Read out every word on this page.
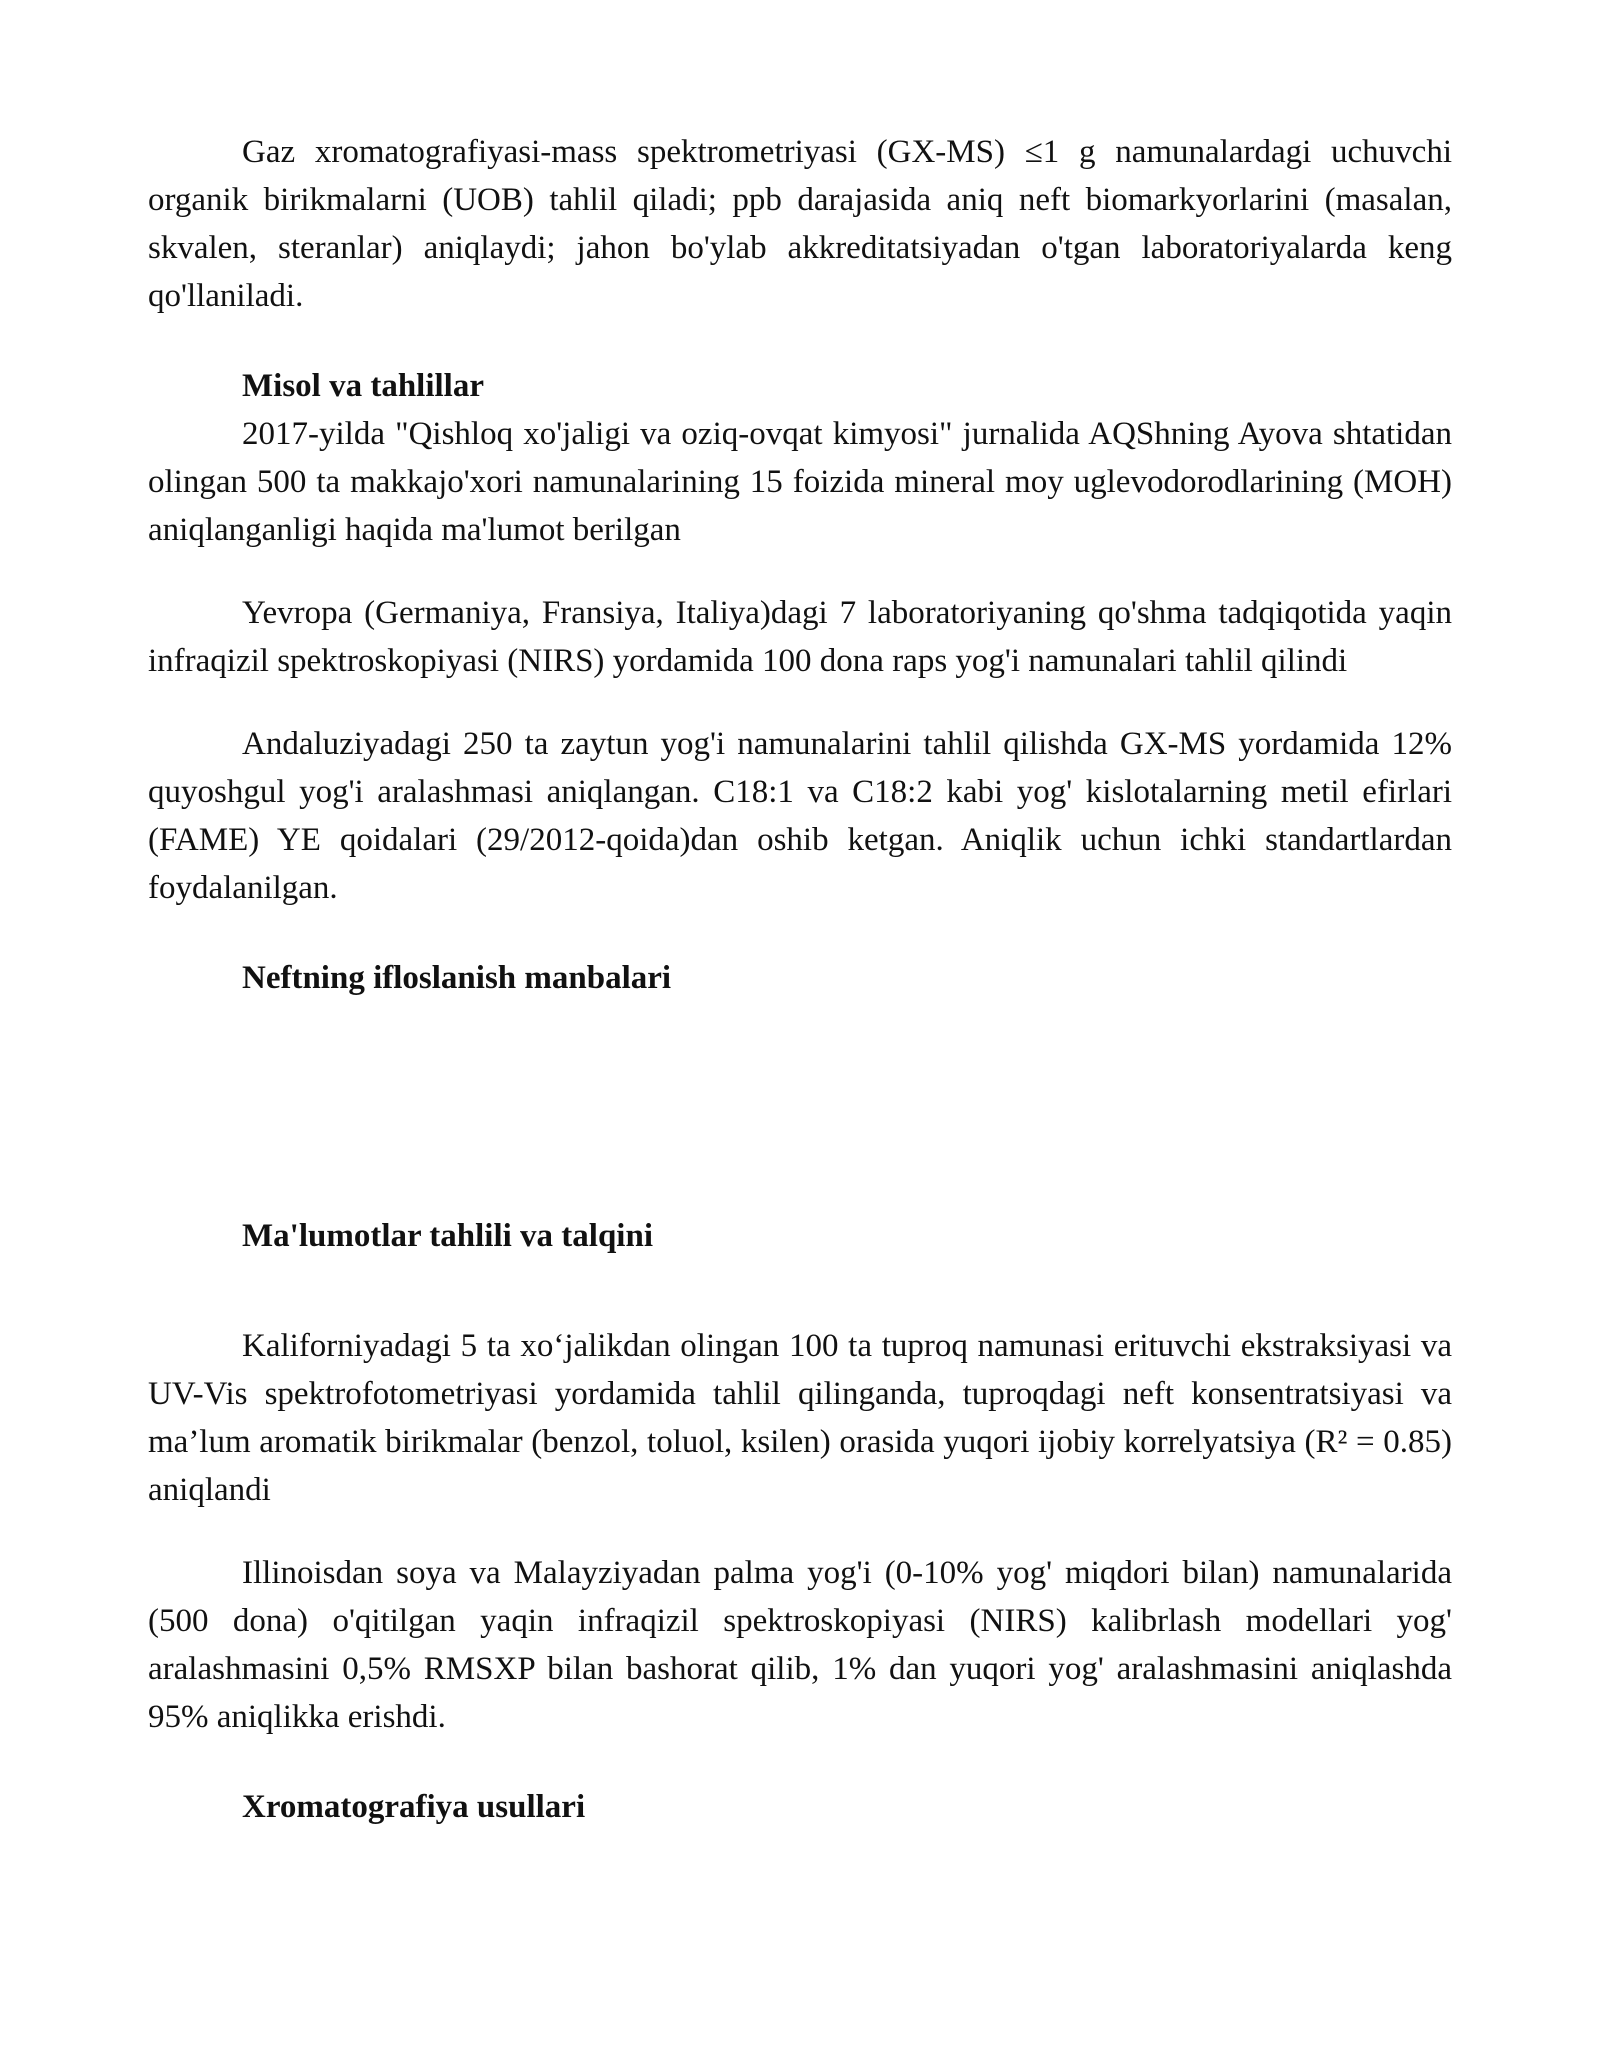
Gaz xromatografiyasi-mass spektrometriyasi (GX-MS) ≤1 g namunalardagi uchuvchi organik birikmalarni (UOB) tahlil qiladi; ppb darajasida aniq neft biomarkyorlarini (masalan, skvalen, steranlar) aniqlaydi; jahon bo'ylab akkreditatsiyadan o'tgan laboratoriyalarda keng qo'llaniladi.

Misol va tahlillar

2017-yilda "Qishloq xo'jaligi va oziq-ovqat kimyosi" jurnalida AQShning Ayova shtatidan olingan 500 ta makkajo'xori namunalarining 15 foizida mineral moy uglevodorodlarining (MOH) aniqlanganligi haqida ma'lumot berilgan

Yevropa (Germaniya, Fransiya, Italiya)dagi 7 laboratoriyaning qo'shma tadqiqotida yaqin infraqizil spektroskopiyasi (NIRS) yordamida 100 dona raps yog'i namunalari tahlil qilindi

Andaluziyadagi 250 ta zaytun yog'i namunalarini tahlil qilishda GX-MS yordamida 12% quyoshgul yog'i aralashmasi aniqlangan. C18:1 va C18:2 kabi yog' kislotalarning metil efirlari (FAME) YE qoidalari (29/2012-qoida)dan oshib ketgan. Aniqlik uchun ichki standartlardan foydalanilgan.

Neftning ifloslanish manbalari
Ma'lumotlar tahlili va talqini

Kaliforniyadagi 5 ta xo‘jalikdan olingan 100 ta tuproq namunasi erituvchi ekstraksiyasi va UV-Vis spektrofotometriyasi yordamida tahlil qilinganda, tuproqdagi neft konsentratsiyasi va ma’lum aromatik birikmalar (benzol, toluol, ksilen) orasida yuqori ijobiy korrelyatsiya (R² = 0.85) aniqlandi

Illinoisdan soya va Malayziyadan palma yog'i (0-10% yog' miqdori bilan) namunalarida (500 dona) o'qitilgan yaqin infraqizil spektroskopiyasi (NIRS) kalibrlash modellari yog' aralashmasini 0,5% RMSXP bilan bashorat qilib, 1% dan yuqori yog' aralashmasini aniqlashda 95% aniqlikka erishdi.

Xromatografiya usullari
